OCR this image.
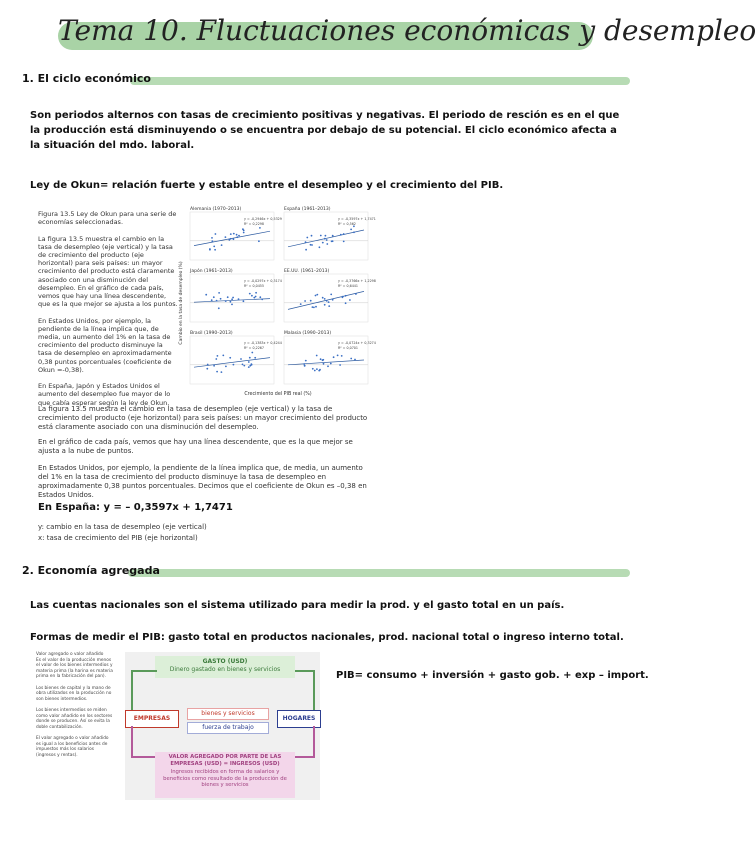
Tema 10. Fluctuaciones económicas y desempleo
1. El ciclo económico
Son periodos alternos con tasas de crecimiento positivas y negativas. El periodo de resción es en el que la producción está disminuyendo o se encuentra por debajo de su potencial. El ciclo económico afecta a la situación del mdo. laboral.
Ley de Okun= relación fuerte y estable entre el desempleo y el crecimiento del PIB.
Figura 13.5 Ley de Okun para una serie de economías seleccionadas.

La figura 13.5 muestra el cambio en la tasa de desempleo (eje vertical) y la tasa de crecimiento del producto (eje horizontal) para seis países: un mayor crecimiento del producto está claramente asociado con una disminución del desempleo. En el gráfico de cada país, vemos que hay una línea descendente, que es la que mejor se ajusta a los puntos.

En Estados Unidos, por ejemplo, la pendiente de la línea implica que, de media, un aumento del 1% en la tasa de crecimiento del producto disminuye la tasa de desempleo en aproximadamente 0,38 puntos porcentuales (coeficiente de Okun =-0,38).

En España, Japón y Estados Unidos el aumento del desempleo fue mayor de lo que cabía esperar según la ley de Okun.
Alemania (1970–2013)
y = -0,2946x + 0,5329
R² = 0,2298
España (1961–2013)
y = -0,3597x + 1,7471
R² = 0,562
Japón (1961–2013)
y = -0,0297x + 0,3174
R² = 0,0455
EE.UU. (1961–2013)
y = -0,3766x + 1,2298
R² = 0,6441
Brasil (1990–2013)
y = -0,1383x + 0,4244
R² = 0,2267
Malasia (1990–2013)
y = -0,0724x + 0,3274
R² = 0,0701
Cambio en la tasa de desempleo (%)
Crecimiento del PIB real (%)
La figura 13.5 muestra el cambio en la tasa de desempleo (eje vertical) y la tasa de crecimiento del producto (eje horizontal) para seis países: un mayor crecimiento del producto está claramente asociado con una disminución del desempleo.
En el gráfico de cada país, vemos que hay una línea descendente, que es la que mejor se ajusta a la nube de puntos.
En Estados Unidos, por ejemplo, la pendiente de la línea implica que, de media, un aumento del 1% en la tasa de crecimiento del producto disminuye la tasa de desempleo en aproximadamente 0,38 puntos porcentuales. Decimos que el coeficiente de Okun es –0,38 en Estados Unidos.
En España: y = – 0,3597x + 1,7471
y: cambio en la tasa de desempleo (eje vertical)
x: tasa de crecimiento del PIB (eje horizontal)
2. Economía agregada
Las cuentas nacionales son el sistema utilizado para medir la prod. y el gasto total en un país.
Formas de medir el PIB: gasto total en productos nacionales, prod. nacional total o ingreso interno total.
Valor agregado o valor añadido
Es el valor de la producción menos el valor de los bienes intermedios y materia prima (la harina es materia prima en la fabricación del pan).

Los bienes de capital y la mano de obra utilizados en la producción no son bienes intermedios.

Los bienes intermedios se miden como valor añadido en los sectores donde se producen. Así se evita la doble contabilización.

El valor agregado o valor añadido es igual a los beneficios antes de impuestos más los salarios (ingresos y rentas).
GASTO (USD)
Dinero gastado en bienes y servicios
EMPRESAS	HOGARES
bienes y servicios
fuerza de trabajo
VALOR AGREGADO POR PARTE DE LAS EMPRESAS (USD) = INGRESOS (USD)
Ingresos recibidos en forma de salarios y beneficios como resultado de la producción de bienes y servicios
PIB= consumo + inversión + gasto gob. + exp – import.
